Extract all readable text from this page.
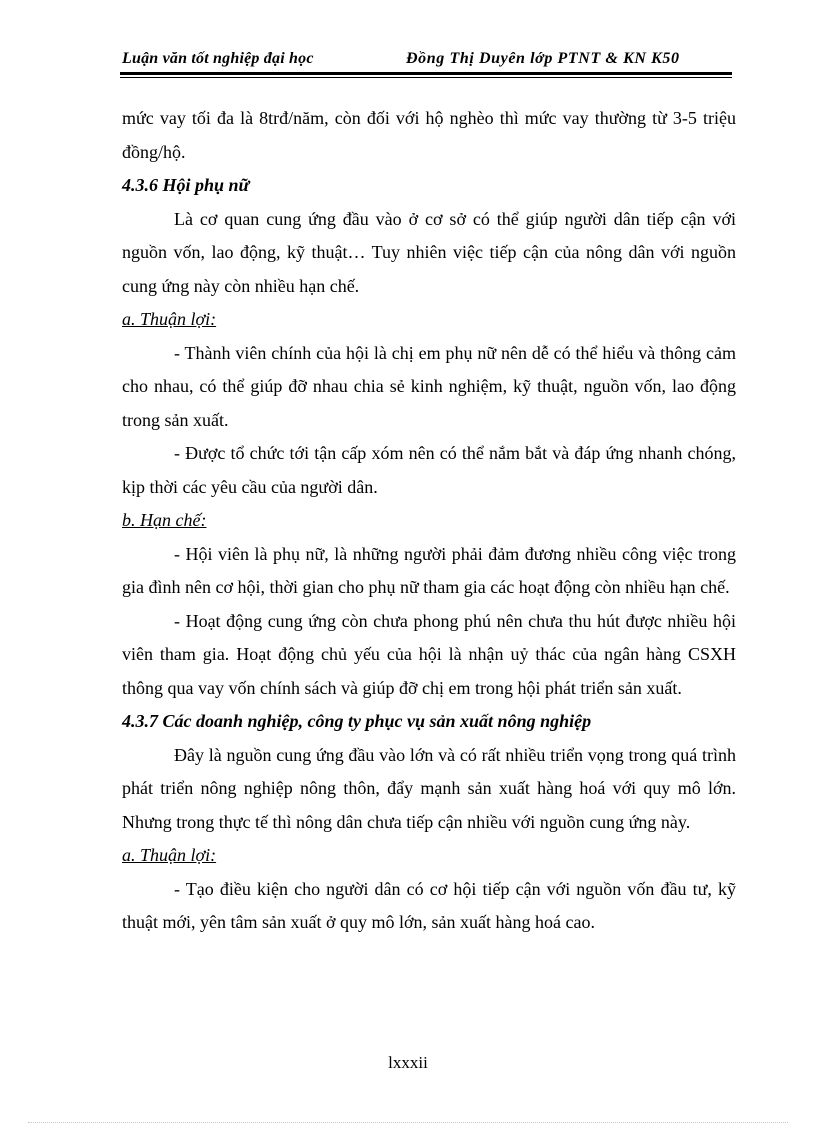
Luận văn tốt nghiệp đại học	Đồng Thị Duyên lớp PTNT & KN K50

mức vay tối đa là 8trđ/năm, còn đối với hộ nghèo thì mức vay thường từ 3-5 triệu đồng/hộ.

4.3.6 Hội phụ nữ

Là cơ quan cung ứng đầu vào ở cơ sở có thể giúp người dân tiếp cận với nguồn vốn, lao động, kỹ thuật… Tuy nhiên việc tiếp cận của nông dân với nguồn cung ứng này còn nhiều hạn chế.

a. Thuận lợi:

- Thành viên chính của hội là chị em phụ nữ nên dễ có thể hiểu và thông cảm cho nhau, có thể giúp đỡ nhau chia sẻ kinh nghiệm, kỹ thuật, nguồn vốn, lao động trong sản xuất.

- Được tổ chức tới tận cấp xóm nên có thể nắm bắt và đáp ứng nhanh chóng, kịp thời các yêu cầu của người dân.

b. Hạn chế:

- Hội viên là phụ nữ, là những người phải đảm đương nhiều công việc trong gia đình nên cơ hội, thời gian cho phụ nữ tham gia các hoạt động còn nhiều hạn chế.

- Hoạt động cung ứng còn chưa phong phú nên chưa thu hút được nhiều hội viên tham gia. Hoạt động chủ yếu của hội là nhận uỷ thác của ngân hàng CSXH thông qua vay vốn chính sách và giúp đỡ chị em trong hội phát triển sản xuất.

4.3.7 Các doanh nghiệp, công ty phục vụ sản xuất nông nghiệp

Đây là nguồn cung ứng đầu vào lớn và có rất nhiều triển vọng trong quá trình phát triển nông nghiệp nông thôn, đẩy mạnh sản xuất hàng hoá với quy mô lớn. Nhưng trong thực tế thì nông dân chưa tiếp cận nhiều với nguồn cung ứng này.

a. Thuận lợi:

- Tạo điều kiện cho người dân có cơ hội tiếp cận với nguồn vốn đầu tư, kỹ thuật mới, yên tâm sản xuất ở quy mô lớn, sản xuất hàng hoá cao.

lxxxii
